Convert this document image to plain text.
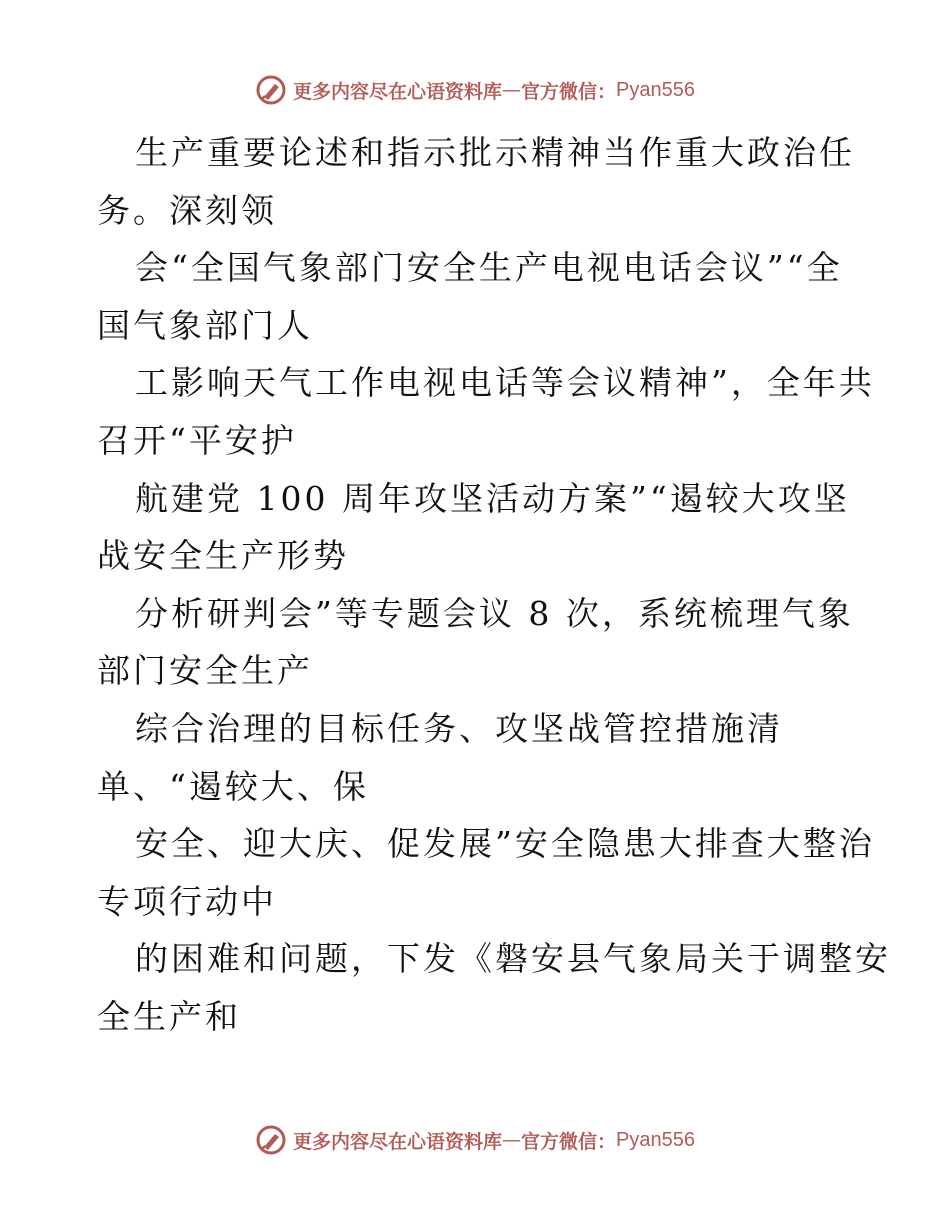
更多内容尽在心语资料库 — 官方微信： Pyan556
生产重要论述和指示批示精神当作重大政治任
务。深刻领
会“全国气象部门安全生产电视电话会议”“全
国气象部门人
工影响天气工作电视电话等会议精神”，全年共
召开“平安护
航建党 100 周年攻坚活动方案”“遏较大攻坚
战安全生产形势
分析研判会”等专题会议 8 次，系统梳理气象
部门安全生产
综合治理的目标任务、攻坚战管控措施清
单、“遏较大、保
安全、迎大庆、促发展”安全隐患大排查大整治
专项行动中
的困难和问题，下发《磐安县气象局关于调整安
全生产和
更多内容尽在心语资料库 — 官方微信： Pyan556
